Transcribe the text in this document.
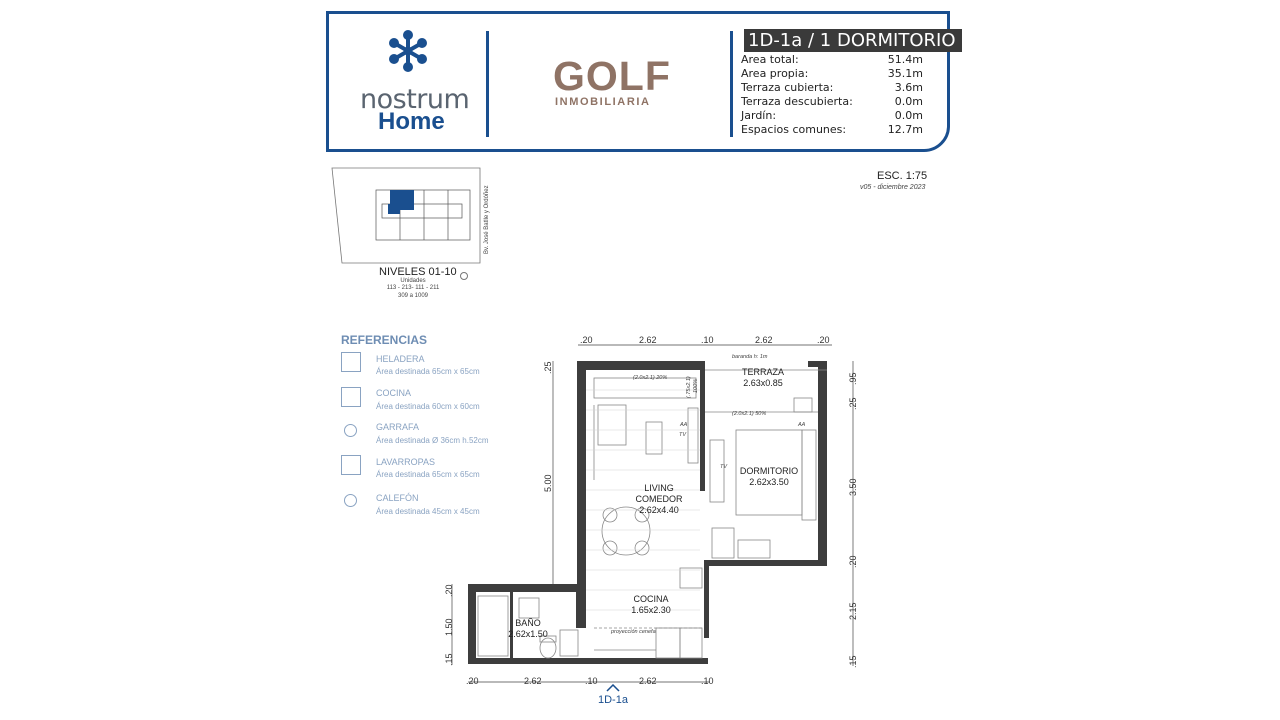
nostrum
Home
GOLF
INMOBILIARIA
1D-1a / 1 DORMITORIO
Area total:	51.4m
Area propia:	35.1m
Terraza cubierta:	3.6m
Terraza descubierta:	0.0m
Jardín:	0.0m
Espacios comunes:	12.7m
ESC. 1:75
v05 - diciembre 2023
Bv. José Batlle y Ordóñez
NIVELES 01-10
Unidades
113 - 213- 111 - 211
309 a 1009
REFERENCIAS
HELADERA
Área destinada 65cm x 65cm
COCINA
Área destinada 60cm x 60cm
GARRAFA
Área destinada Ø 36cm h.52cm
LAVARROPAS
Área destinada 65cm x 65cm
CALEFÓN
Área destinada 45cm x 45cm
.20	2.62	.10	2.62	.20
.20	2.62	.10	2.62	.10
.25
5.00
.20
1.50
.15
.95
.25
3.50
.20
2.15
.15
TERRAZA
2.63x0.85
DORMITORIO
2.62x3.50
LIVING
COMEDOR
2.62x4.40
COCINA
1.65x2.30
BAÑO
2.62x1.50
baranda h: 1m
(2.0x2.1) 20%
(2.0x2.1) 50%
(.75x2.1) 100%
proyección cenefa
AA
TV
AA
TV
1D-1a
